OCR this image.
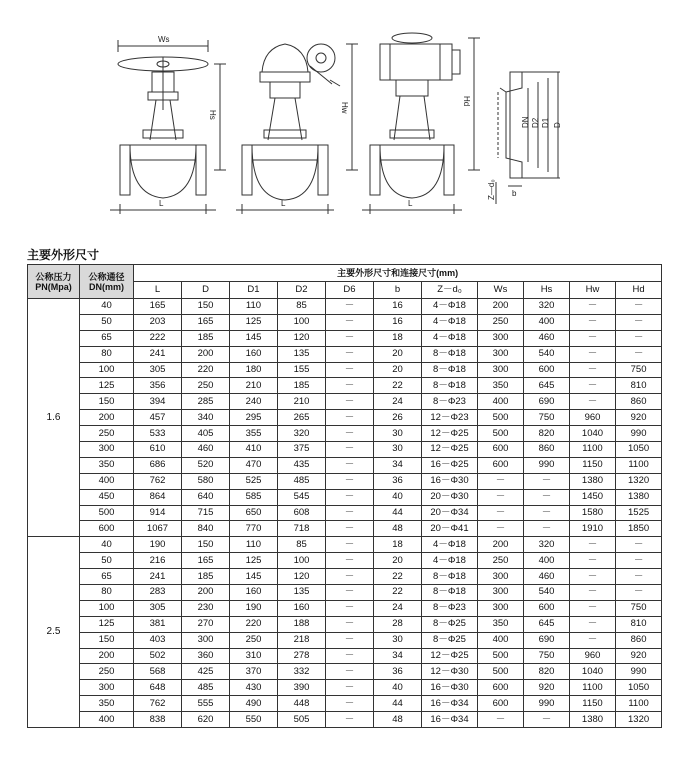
Ws
L
Hs
L
Hw
L
Hd
DN D2 D1 D
Z—d₀ b
主要外形尺寸
公称压力
PN(Mpa)	公称通径
DN(mm)	主要外形尺寸和连接尺寸(mm)										
		L	D	D1	D2	D6	b	Z－d₀	Ws	Hs	Hw	Hd
1.6	40	165	150	110	85	－	16	4－Φ18	200	320	－	－
	50	203	165	125	100	－	16	4－Φ18	250	400	－	－
	65	222	185	145	120	－	18	4－Φ18	300	460	－	－
	80	241	200	160	135	－	20	8－Φ18	300	540	－	－
	100	305	220	180	155	－	20	8－Φ18	300	600	－	750
	125	356	250	210	185	－	22	8－Φ18	350	645	－	810
	150	394	285	240	210	－	24	8－Φ23	400	690	－	860
	200	457	340	295	265	－	26	12－Φ23	500	750	960	920
	250	533	405	355	320	－	30	12－Φ25	500	820	1040	990
	300	610	460	410	375	－	30	12－Φ25	600	860	1100	1050
	350	686	520	470	435	－	34	16－Φ25	600	990	1150	1100
	400	762	580	525	485	－	36	16－Φ30	－	－	1380	1320
	450	864	640	585	545	－	40	20－Φ30	－	－	1450	1380
	500	914	715	650	608	－	44	20－Φ34	－	－	1580	1525
	600	1067	840	770	718	－	48	20－Φ41	－	－	1910	1850
2.5	40	190	150	110	85	－	18	4－Φ18	200	320	－	－
	50	216	165	125	100	－	20	4－Φ18	250	400	－	－
	65	241	185	145	120	－	22	8－Φ18	300	460	－	－
	80	283	200	160	135	－	22	8－Φ18	300	540	－	－
	100	305	230	190	160	－	24	8－Φ23	300	600	－	750
	125	381	270	220	188	－	28	8－Φ25	350	645	－	810
	150	403	300	250	218	－	30	8－Φ25	400	690	－	860
	200	502	360	310	278	－	34	12－Φ25	500	750	960	920
	250	568	425	370	332	－	36	12－Φ30	500	820	1040	990
	300	648	485	430	390	－	40	16－Φ30	600	920	1100	1050
	350	762	555	490	448	－	44	16－Φ34	600	990	1150	1100
	400	838	620	550	505	－	48	16－Φ34	－	－	1380	1320
